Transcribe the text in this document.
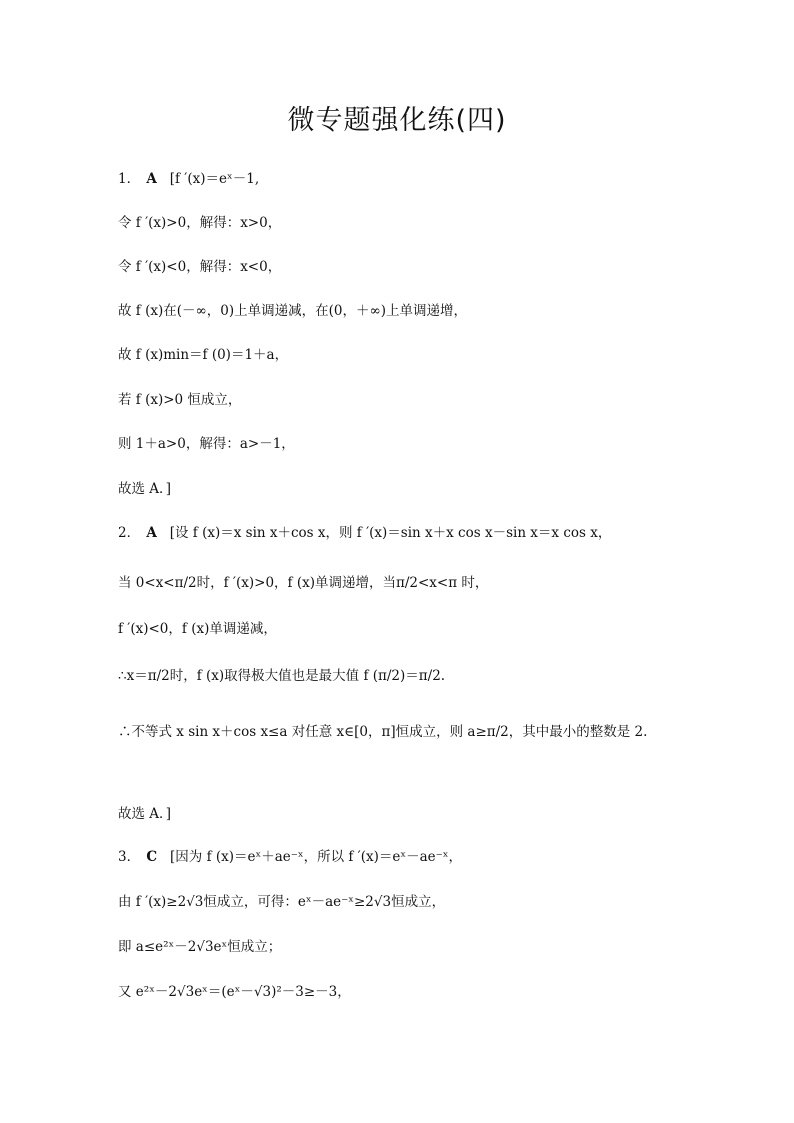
微专题强化练(四)
1． A [f ′(x)＝eˣ－1,
令 f ′(x)>0，解得：x>0，
令 f ′(x)<0，解得：x<0，
故 f (x)在(－∞，0)上单调递减，在(0，＋∞)上单调递增，
故 f (x)min＝f (0)＝1＋a，
若 f (x)>0 恒成立，
则 1＋a>0，解得：a>－1，
故选 A．]
2． A [设 f (x)＝x sin x＋cos x，则 f ′(x)＝sin x＋x cos x－sin x＝x cos x，
当 0<x<π/2时，f ′(x)>0，f (x)单调递增，当π/2<x<π 时，
f ′(x)<0，f (x)单调递减，
∴x＝π/2时，f (x)取得极大值也是最大值 f (π/2)＝π/2.
∴不等式 x sin x＋cos x≤a 对任意 x∈[0，π]恒成立，则 a≥π/2，其中最小的整数是 2.
故选 A．]
3． C [因为 f (x)＝eˣ＋ae⁻ˣ，所以 f ′(x)＝eˣ－ae⁻ˣ，
由 f ′(x)≥2√3恒成立，可得：eˣ－ae⁻ˣ≥2√3恒成立，
即 a≤e²ˣ－2√3eˣ恒成立；
又 e²ˣ－2√3eˣ＝(eˣ－√3)²－3≥－3，
